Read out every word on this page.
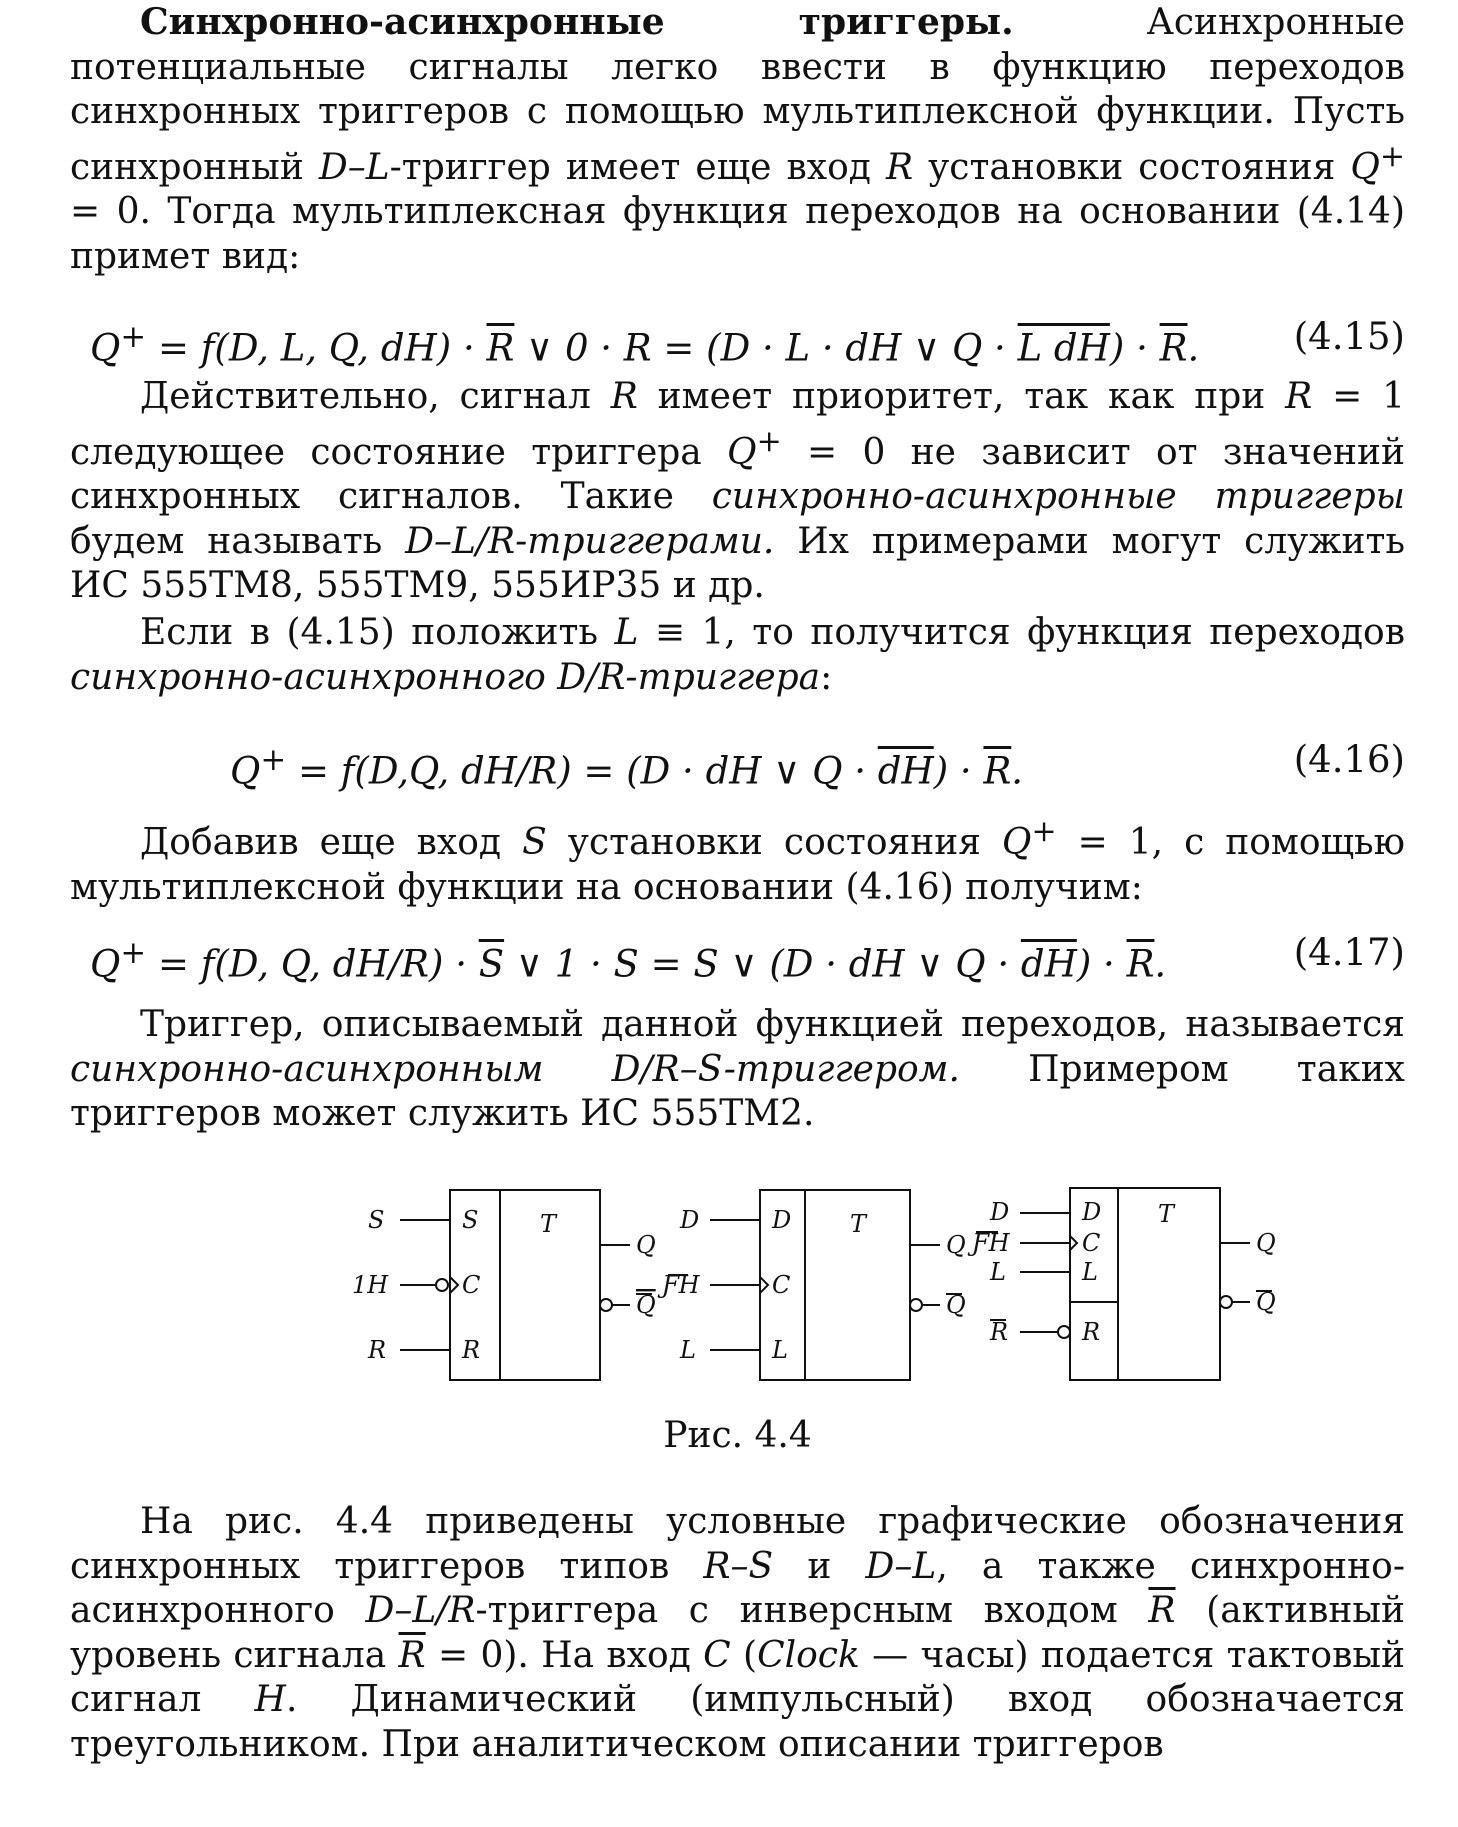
Синхронно-асинхронные триггеры. Асинхронные потенциальные сигналы легко ввести в функцию переходов синхронных триггеров с помощью мультиплексной функции. Пусть синхронный D–L-триггер имеет еще вход R установки состояния Q+ = 0. Тогда мультиплексная функция переходов на основании (4.14) примет вид:

Q+ = f(D, L, Q, $dH) \cdot \overline{R}$ ∨ 0 · R = (D · L · dH ∨ Q · L $dH) \cdot \overline{R}$.	(4.15)

Действительно, сигнал R имеет приоритет, так как при R = 1 следующее состояние триггера Q+ = 0 не зависит от значений синхронных сигналов. Такие синхронно-асинхронные триггеры будем называть D–L/R-триггерами. Их примерами могут служить ИС 555ТМ8, 555ТМ9, 555ИР35 и др.

Если в (4.15) положить L ≡ 1, то получится функция переходов синхронно-асинхронного D/R-триггера:

Q+ = f(D,Q, dH/R) = (D · dH ∨ $Q \cdot \overline{dH}) \cdot \overline{R}$.	(4.16)

Добавив еще вход S установки состояния Q+ = 1, с помощью мультиплексной функции на основании (4.16) получим:

Q+ = f(D, Q, $dH/R) \cdot \overline{S}$ ∨ 1 · S = S ∨ (D · dH ∨ $Q \cdot \overline{dH}) \cdot \overline{R}$.	(4.17)

Триггер, описываемый данной функцией переходов, называется синхронно-асинхронным D/R–S-триггером. Примером таких триггеров может служить ИС 555ТМ2.

S
1H
R
S
C
R
T
Q
Q
D
ƑH
L
D
C
L
T
Q
Q
D
ƑH
L
R
D
C
L
R
T
Q
Q
Рис. 4.4

На рис. 4.4 приведены условные графические обозначения синхронных триггеров типов R–S и D–L, а также синхронно-асинхронного D–L/R-триггера с инверсным входом $\overline{R}$ (активный уровень сигнала $\overline{R} = 0$). На вход C (Clock — часы) подается тактовый сигнал H. Динамический (импульсный) вход обозначается треугольником. При аналитическом описании триггеров
